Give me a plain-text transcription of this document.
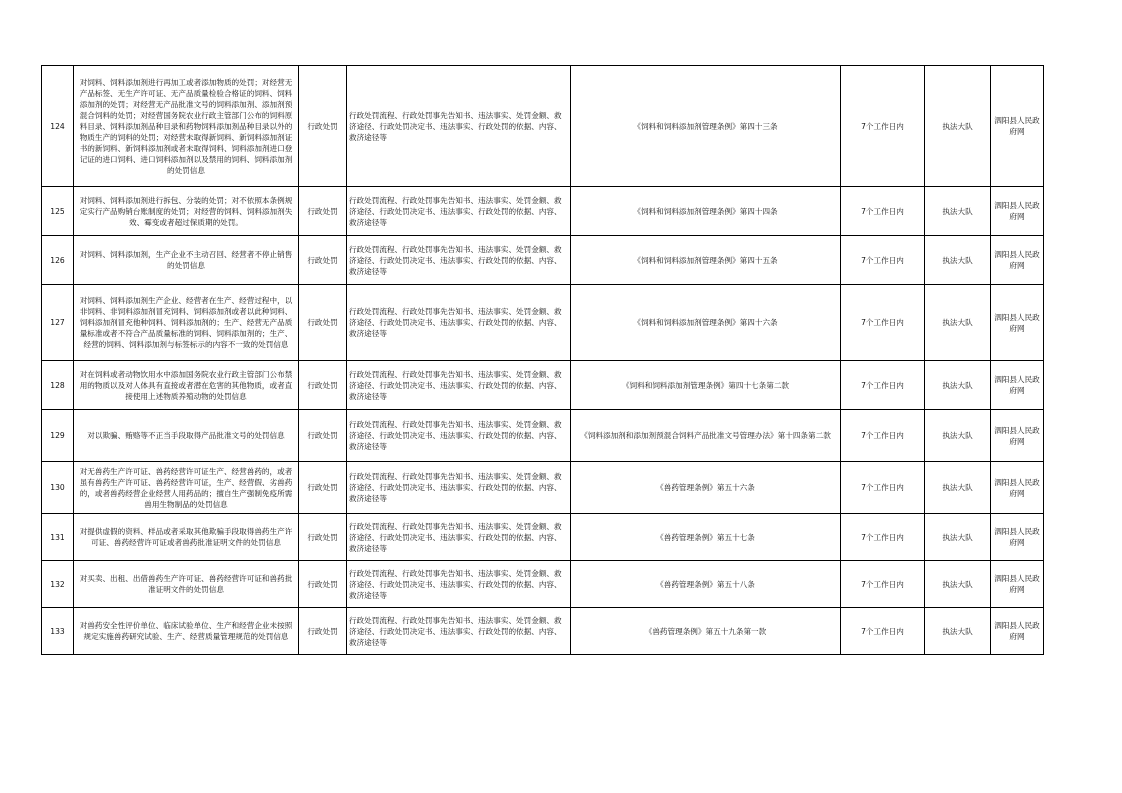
124	对饲料、饲料添加剂进行再加工或者添加物质的处罚；对经营无产品标签、无生产许可证、无产品质量检验合格证的饲料、饲料添加剂的处罚；对经营无产品批准文号的饲料添加剂、添加剂预混合饲料的处罚；对经营国务院农业行政主管部门公布的饲料原料目录、饲料添加剂品种目录和药物饲料添加剂品种目录以外的物质生产的饲料的处罚；对经营未取得新饲料、新饲料添加剂证书的新饲料、新饲料添加剂或者未取得饲料、饲料添加剂进口登记证的进口饲料、进口饲料添加剂以及禁用的饲料、饲料添加剂的处罚信息	行政处罚	行政处罚流程、行政处罚事先告知书、违法事实、处罚金额、救济途径、行政处罚决定书、违法事实、行政处罚的依据、内容、救济途径等	《饲料和饲料添加剂管理条例》第四十三条	7个工作日内	执法大队	泗阳县人民政府网
125	对饲料、饲料添加剂进行拆包、分装的处罚；对不依照本条例规定实行产品购销台账制度的处罚；对经营的饲料、饲料添加剂失效、霉变或者超过保质期的处罚。	行政处罚	行政处罚流程、行政处罚事先告知书、违法事实、处罚金额、救济途径、行政处罚决定书、违法事实、行政处罚的依据、内容、救济途径等	《饲料和饲料添加剂管理条例》第四十四条	7个工作日内	执法大队	泗阳县人民政府网
126	对饲料、饲料添加剂，生产企业不主动召回、经营者不停止销售的处罚信息	行政处罚	行政处罚流程、行政处罚事先告知书、违法事实、处罚金额、救济途径、行政处罚决定书、违法事实、行政处罚的依据、内容、救济途径等	《饲料和饲料添加剂管理条例》第四十五条	7个工作日内	执法大队	泗阳县人民政府网
127	对饲料、饲料添加剂生产企业、经营者在生产、经营过程中，以非饲料、非饲料添加剂冒充饲料、饲料添加剂或者以此种饲料、饲料添加剂冒充他种饲料、饲料添加剂的；生产、经营无产品质量标准或者不符合产品质量标准的饲料、饲料添加剂的；生产、经营的饲料、饲料添加剂与标签标示的内容不一致的处罚信息	行政处罚	行政处罚流程、行政处罚事先告知书、违法事实、处罚金额、救济途径、行政处罚决定书、违法事实、行政处罚的依据、内容、救济途径等	《饲料和饲料添加剂管理条例》第四十六条	7个工作日内	执法大队	泗阳县人民政府网
128	对在饲料或者动物饮用水中添加国务院农业行政主管部门公布禁用的物质以及对人体具有直接或者潜在危害的其他物质，或者直接使用上述物质养殖动物的处罚信息	行政处罚	行政处罚流程、行政处罚事先告知书、违法事实、处罚金额、救济途径、行政处罚决定书、违法事实、行政处罚的依据、内容、救济途径等	《饲料和饲料添加剂管理条例》第四十七条第二款	7个工作日内	执法大队	泗阳县人民政府网
129	对以欺骗、贿赂等不正当手段取得产品批准文号的处罚信息	行政处罚	行政处罚流程、行政处罚事先告知书、违法事实、处罚金额、救济途径、行政处罚决定书、违法事实、行政处罚的依据、内容、救济途径等	《饲料添加剂和添加剂预混合饲料产品批准文号管理办法》第十四条第二款	7个工作日内	执法大队	泗阳县人民政府网
130	对无兽药生产许可证、兽药经营许可证生产、经营兽药的，或者虽有兽药生产许可证、兽药经营许可证，生产、经营假、劣兽药的，或者兽药经营企业经营人用药品的；擅自生产强制免疫所需兽用生物制品的处罚信息	行政处罚	行政处罚流程、行政处罚事先告知书、违法事实、处罚金额、救济途径、行政处罚决定书、违法事实、行政处罚的依据、内容、救济途径等	《兽药管理条例》第五十六条	7个工作日内	执法大队	泗阳县人民政府网
131	对提供虚假的资料、样品或者采取其他欺骗手段取得兽药生产许可证、兽药经营许可证或者兽药批准证明文件的处罚信息	行政处罚	行政处罚流程、行政处罚事先告知书、违法事实、处罚金额、救济途径、行政处罚决定书、违法事实、行政处罚的依据、内容、救济途径等	《兽药管理条例》第五十七条	7个工作日内	执法大队	泗阳县人民政府网
132	对买卖、出租、出借兽药生产许可证、兽药经营许可证和兽药批准证明文件的处罚信息	行政处罚	行政处罚流程、行政处罚事先告知书、违法事实、处罚金额、救济途径、行政处罚决定书、违法事实、行政处罚的依据、内容、救济途径等	《兽药管理条例》第五十八条	7个工作日内	执法大队	泗阳县人民政府网
133	对兽药安全性评价单位、临床试验单位、生产和经营企业未按照规定实施兽药研究试验、生产、经营质量管理规范的处罚信息	行政处罚	行政处罚流程、行政处罚事先告知书、违法事实、处罚金额、救济途径、行政处罚决定书、违法事实、行政处罚的依据、内容、救济途径等	《兽药管理条例》第五十九条第一款	7个工作日内	执法大队	泗阳县人民政府网
